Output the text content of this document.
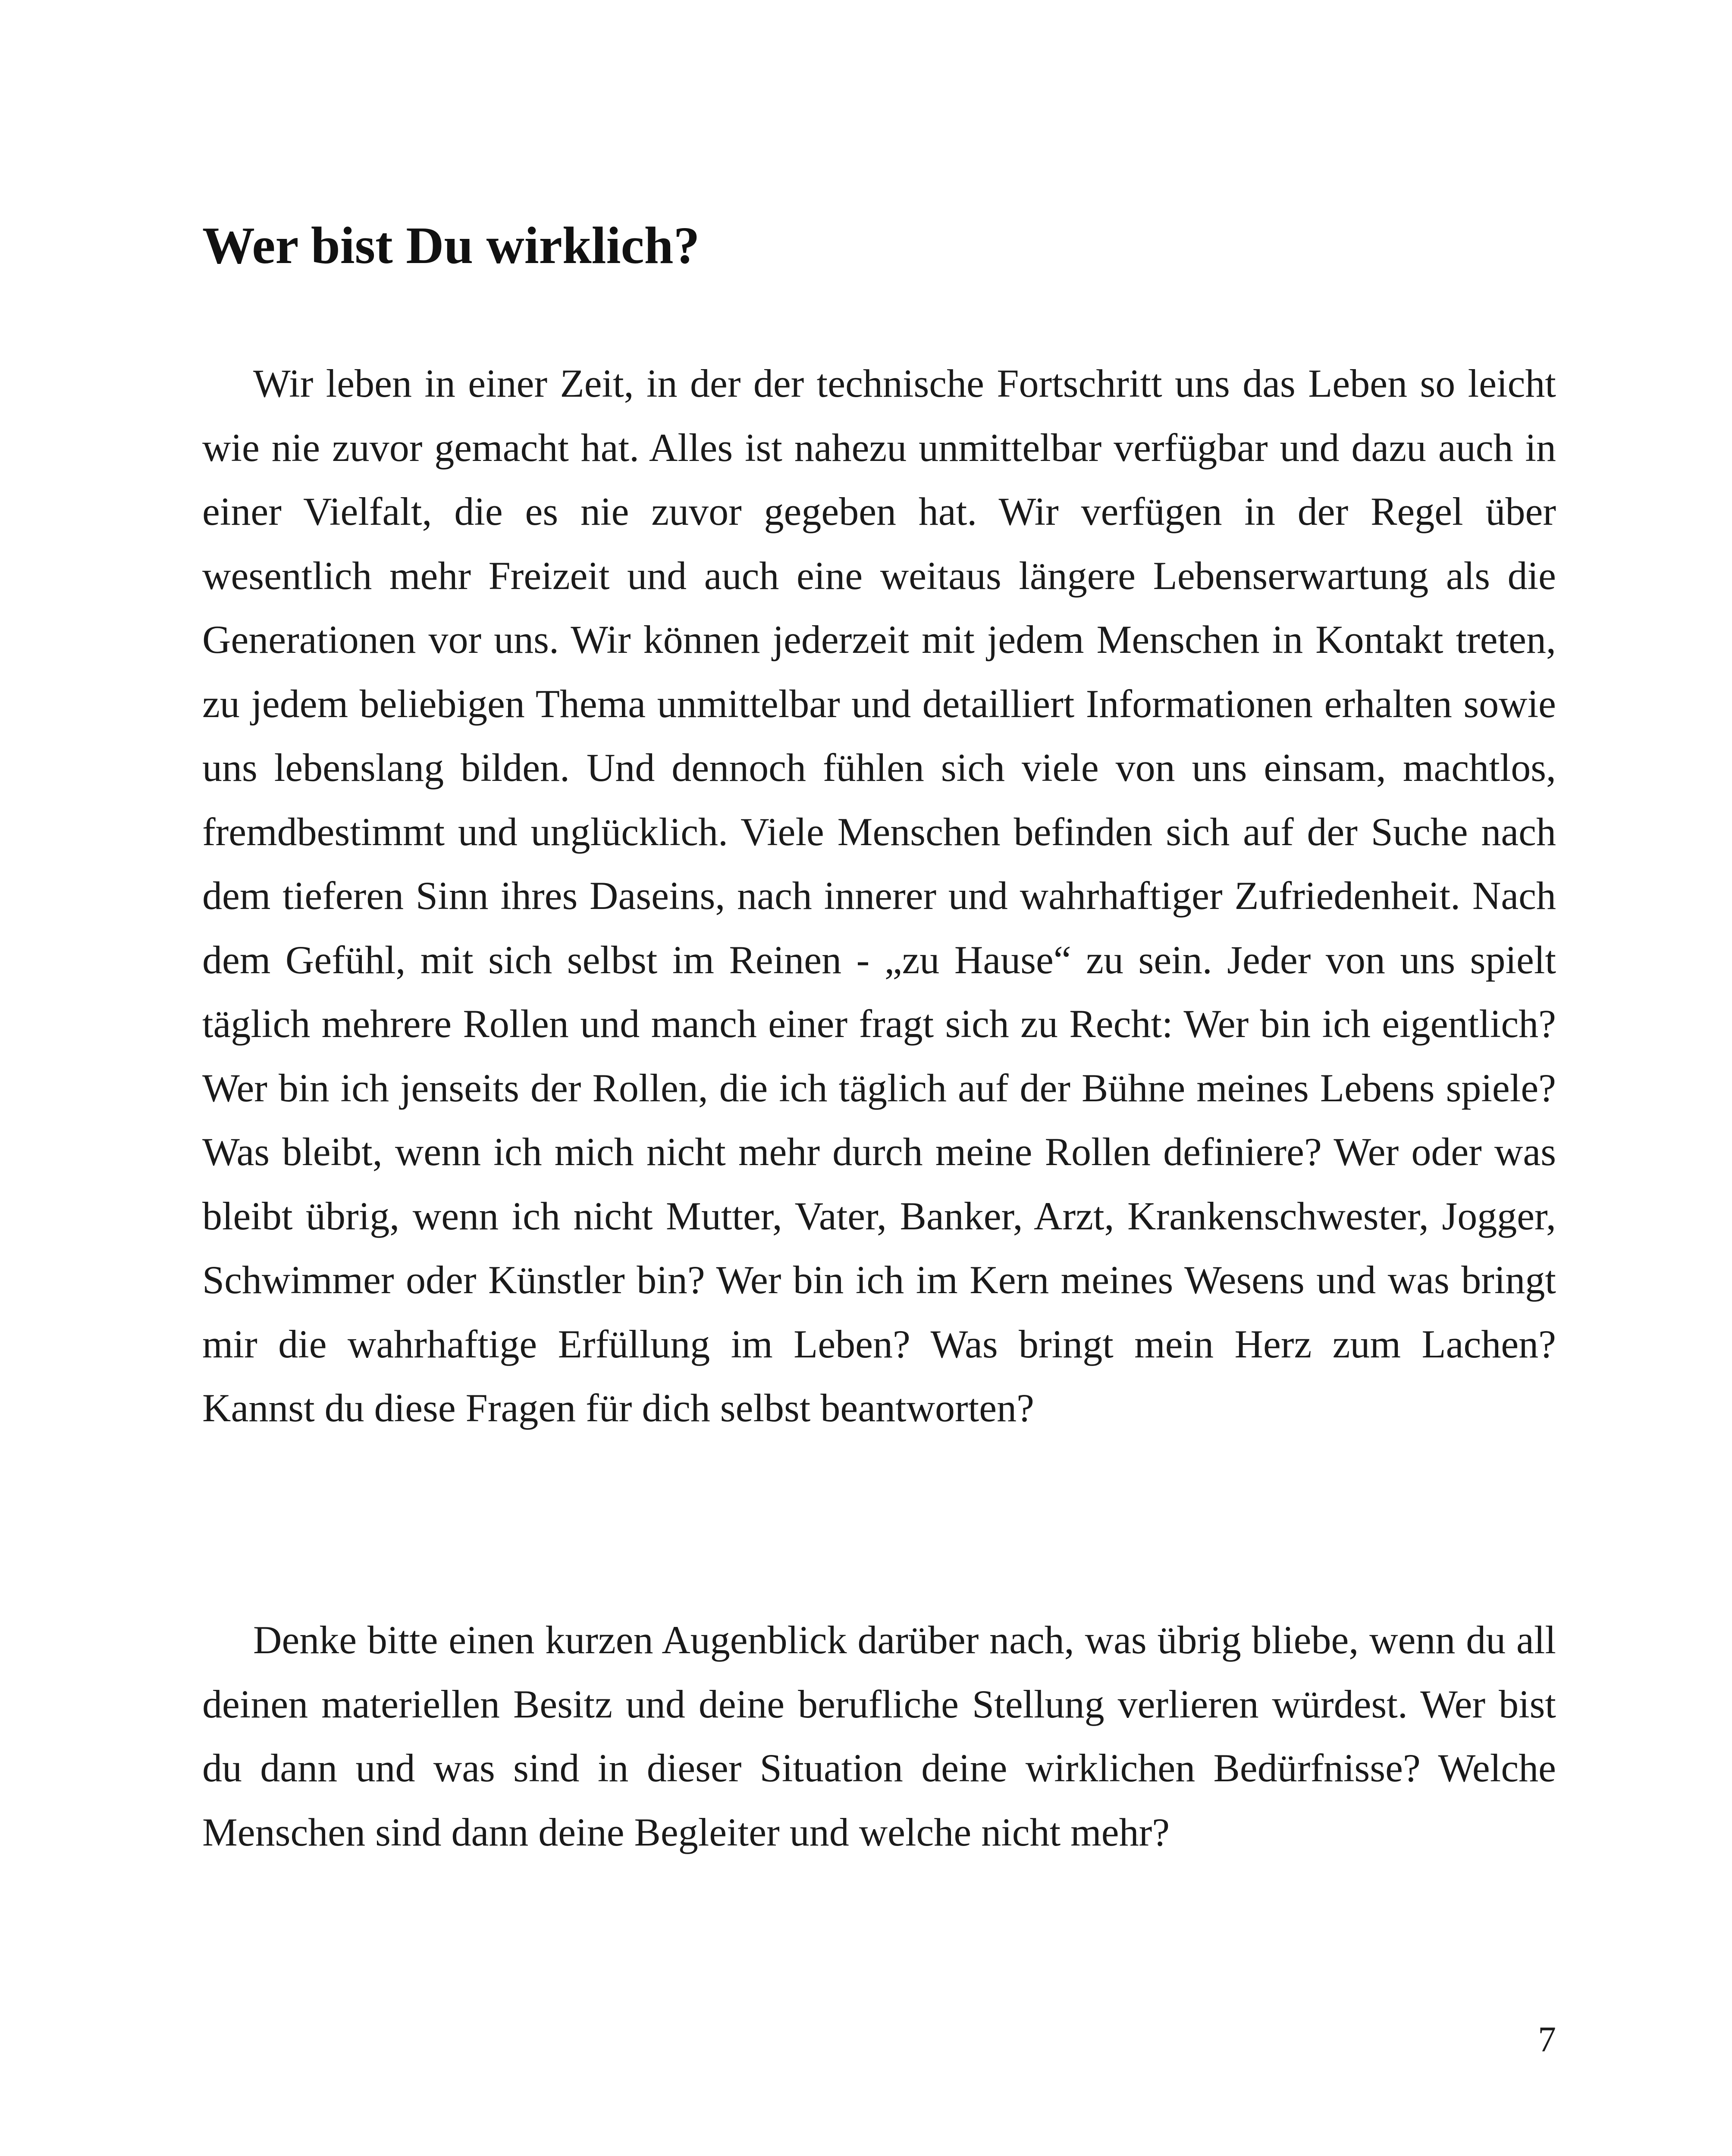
Wer bist Du wirklich?

Wir leben in einer Zeit, in der der technische Fortschritt uns das Leben so leicht wie nie zuvor gemacht hat. Alles ist nahezu unmittelbar verfügbar und dazu auch in einer Vielfalt, die es nie zuvor gegeben hat. Wir verfügen in der Regel über wesentlich mehr Freizeit und auch eine weitaus längere Lebenserwartung als die Generationen vor uns. Wir können jederzeit mit jedem Menschen in Kontakt treten, zu jedem beliebigen Thema unmittelbar und detailliert Informationen erhalten sowie uns lebenslang bilden. Und dennoch fühlen sich viele von uns einsam, machtlos, fremdbestimmt und unglücklich. Viele Menschen befinden sich auf der Suche nach dem tieferen Sinn ihres Daseins, nach innerer und wahrhaftiger Zufriedenheit. Nach dem Gefühl, mit sich selbst im Reinen - „zu Hause“ zu sein. Jeder von uns spielt täglich mehrere Rollen und manch einer fragt sich zu Recht: Wer bin ich eigentlich? Wer bin ich jenseits der Rollen, die ich täglich auf der Bühne meines Lebens spiele? Was bleibt, wenn ich mich nicht mehr durch meine Rollen definiere? Wer oder was bleibt übrig, wenn ich nicht Mutter, Vater, Banker, Arzt, Krankenschwester, Jogger, Schwimmer oder Künstler bin? Wer bin ich im Kern meines Wesens und was bringt mir die wahrhaftige Erfüllung im Leben? Was bringt mein Herz zum Lachen? Kannst du diese Fragen für dich selbst beantworten?

Denke bitte einen kurzen Augenblick darüber nach, was übrig bliebe, wenn du all deinen materiellen Besitz und deine berufliche Stellung verlieren würdest. Wer bist du dann und was sind in dieser Situation deine wirklichen Bedürfnisse? Welche Menschen sind dann deine Begleiter und welche nicht mehr?

7
